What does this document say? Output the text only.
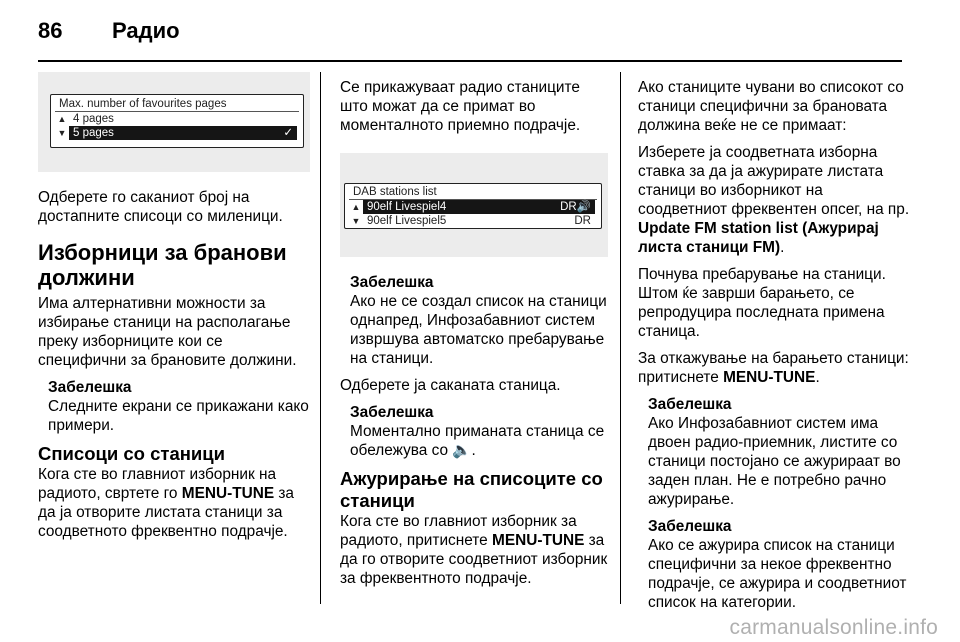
86 Радио
Max. number of favourites pages
▲ 4 pages
▼ 5 pages	✓

Одберете го саканиот број на достапните списоци со миленици.

Изборници за бранови должини

Има алтернативни можности за избирање станици на располагање преку изборниците кои се специфични за брановите должини.

Забелешка

Следните екрани се прикажани како примери.

Списоци со станици

Кога сте во главниот изборник на радиото, свртете го MENU-TUNE за да ја отворите листата станици за соодветното фреквентно подрачје.

Се прикажуваат радио станиците што можат да се примат во моменталното приемно подрачје.

DAB stations list
▲ 90elf Livespiel4	DR🔊
▼ 90elf Livespiel5	DR
Забелешка

Ако не се создал список на станици однапред, Инфозабавниот систем извршува автоматско пребарување на станици.

Одберете ја саканата станица.

Забелешка

Моментално приманата станица се обележува со 🔈.

Ажурирање на списоците со станици

Кога сте во главниот изборник за радиото, притиснете MENU-TUNE за да го отворите соодветниот изборник за фреквентното подрачје.

Ако станиците чувани во списокот со станици специфични за брановата должина веќе не се примаат:

Изберете ја соодветната изборна ставка за да ја ажурирате листата станици во изборникот на соодветниот фреквентен опсег, на пр. Update FM station list (Ажурирај листа станици FM).

Почнува пребарување на станици. Штом ќе заврши барањето, се репродуцира последната примена станица.

За откажување на барањето станици: притиснете MENU-TUNE.

Забелешка

Ако Инфозабавниот систем има двоен радио-приемник, листите со станици постојано се ажурираат во заден план. Не е потребно рачно ажурирање.

Забелешка

Ако се ажурира список на станици специфични за некое фреквентно подрачје, се ажурира и соодветниот список на категории.

carmanualsonline.info
